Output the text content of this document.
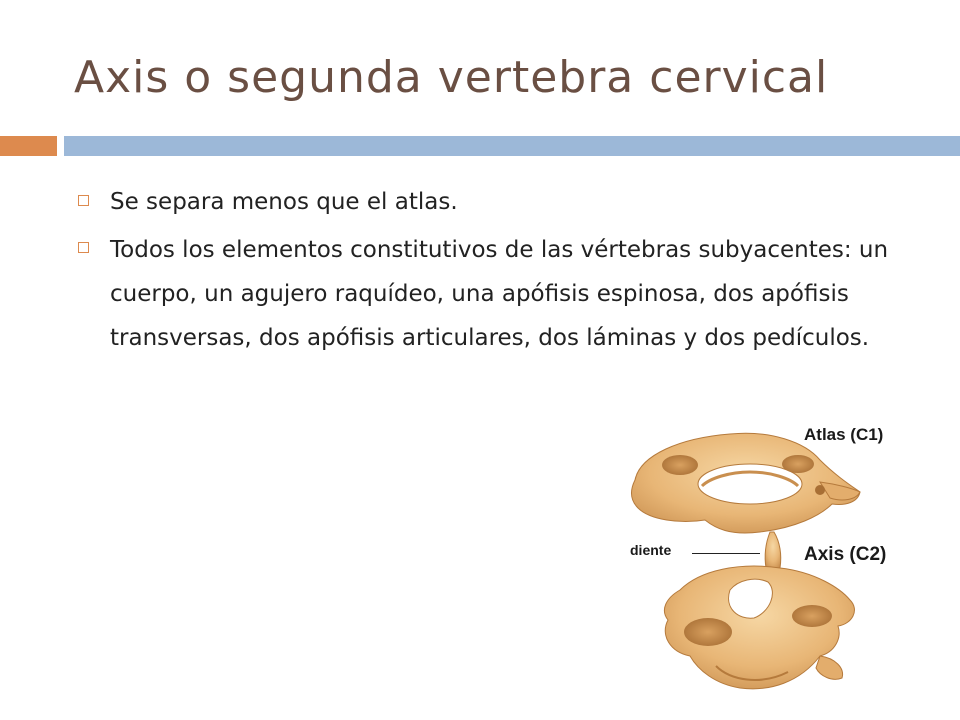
Axis o segunda vertebra cervical
Se separa menos que el atlas.
Todos los elementos constitutivos de las vértebras subyacentes: un cuerpo, un agujero raquídeo, una apófisis espinosa, dos apófisis transversas, dos apófisis articulares, dos láminas y dos pedículos.
Atlas (C1)
diente	Axis (C2)
